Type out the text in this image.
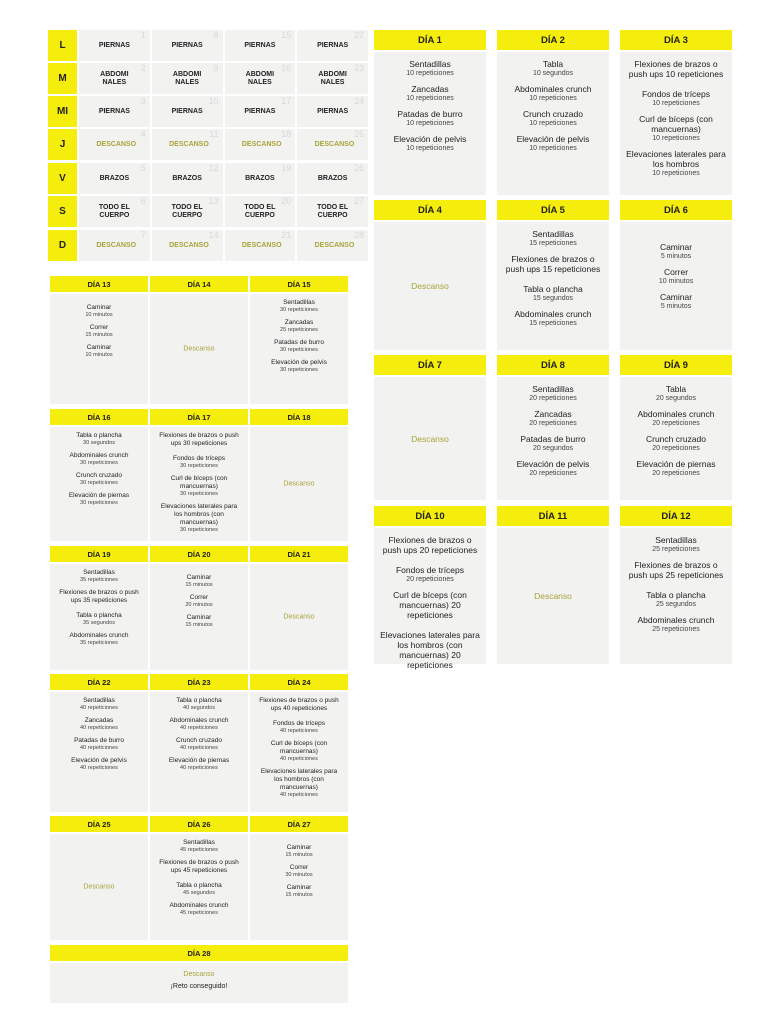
L
1
PIERNAS
8
PIERNAS
15
PIERNAS
22
PIERNAS
M
2
ABDOMI NALES
9
ABDOMI NALES
16
ABDOMI NALES
23
ABDOMI NALES
MI
3
PIERNAS
10
PIERNAS
17
PIERNAS
24
PIERNAS
J
4
DESCANSO
11
DESCANSO
18
DESCANSO
25
DESCANSO
V
5
BRAZOS
12
BRAZOS
19
BRAZOS
26
BRAZOS
S
6
TODO EL CUERPO
13
TODO EL CUERPO
20
TODO EL CUERPO
27
TODO EL CUERPO
D
7
DESCANSO
14
DESCANSO
21
DESCANSO
28
DESCANSO
DÍA 1
Sentadillas
10 repeticiones
Zancadas
10 repeticiones
Patadas de burro
10 repeticiones
Elevación de pelvis
10 repeticiones
DÍA 2
Tabla
10 segundos
Abdominales crunch
10 repeticiones
Crunch cruzado
10 repeticiones
Elevación de pelvis
10 repeticiones
DÍA 3
Flexiones de brazos o push ups 10 repeticiones
Fondos de tríceps
10 repeticiones
Curl de bíceps (con mancuernas)
10 repeticiones
Elevaciones laterales para los hombros
10 repeticiones
DÍA 4
Descanso
DÍA 5
Sentadillas
15 repeticiones
Flexiones de brazos o push ups 15 repeticiones
Tabla o plancha
15 segundos
Abdominales crunch
15 repeticiones
DÍA 6
Caminar
5 minutos
Correr
10 minutos
Caminar
5 minutos
DÍA 7
Descanso
DÍA 8
Sentadillas
20 repeticiones
Zancadas
20 repeticiones
Patadas de burro
20 segundos
Elevación de pelvis
20 repeticiones
DÍA 9
Tabla
20 segundos
Abdominales crunch
20 repeticiones
Crunch cruzado
20 repeticiones
Elevación de piernas
20 repeticiones
DÍA 10
Flexiones de brazos o push ups 20 repeticiones
Fondos de tríceps
20 repeticiones
Curl de bíceps (con mancuernas) 20 repeticiones
Elevaciones laterales para los hombros (con mancuernas) 20 repeticiones
DÍA 11
Descanso
DÍA 12
Sentadillas
25 repeticiones
Flexiones de brazos o push ups 25 repeticiones
Tabla o plancha
25 segundos
Abdominales crunch
25 repeticiones
DÍA 13
Caminar
10 minutos
Correr
15 minutos
Caminar
10 minutos
DÍA 14
Descanso
DÍA 15
Sentadillas
30 repeticiones
Zancadas
25 repeticiones
Patadas de burro
30 repeticiones
Elevación de pelvis
30 repeticiones
DÍA 16
Tabla o plancha
30 segundos
Abdominales crunch
30 repeticiones
Crunch cruzado
30 repeticiones
Elevación de piernas
30 repeticiones
DÍA 17
Flexiones de brazos o push ups 30 repeticiones
Fondos de tríceps
30 repeticiones
Curl de bíceps (con mancuernas)
30 repeticiones
Elevaciones laterales para los hombros (con mancuernas)
30 repeticiones
DÍA 18
Descanso
DÍA 19
Sentadillas
35 repeticiones
Flexiones de brazos o push ups 35 repeticiones
Tabla o plancha
35 segundos
Abdominales crunch
35 repeticiones
DÍA 20
Caminar
15 minutos
Correr
20 minutos
Caminar
15 minutos
DÍA 21
Descanso
DÍA 22
Sentadillas
40 repeticiones
Zancadas
40 repeticiones
Patadas de burro
40 repeticiones
Elevación de pelvis
40 repeticiones
DÍA 23
Tabla o plancha
40 segundos
Abdominales crunch
40 repeticiones
Crunch cruzado
40 repeticiones
Elevación de piernas
40 repeticiones
DÍA 24
Flexiones de brazos o push ups 40 repeticiones
Fondos de tríceps
40 repeticiones
Curl de bíceps (con mancuernas)
40 repeticiones
Elevaciones laterales para los hombros (con mancuernas)
40 repeticiones
DÍA 25
Descanso
DÍA 26
Sentadillas
45 repeticiones
Flexiones de brazos o push ups 45 repeticiones
Tabla o plancha
45 segundos
Abdominales crunch
45 repeticiones
DÍA 27
Caminar
15 minutos
Correr
30 minutos
Caminar
15 minutos
DÍA 28
Descanso
¡Reto conseguido!
